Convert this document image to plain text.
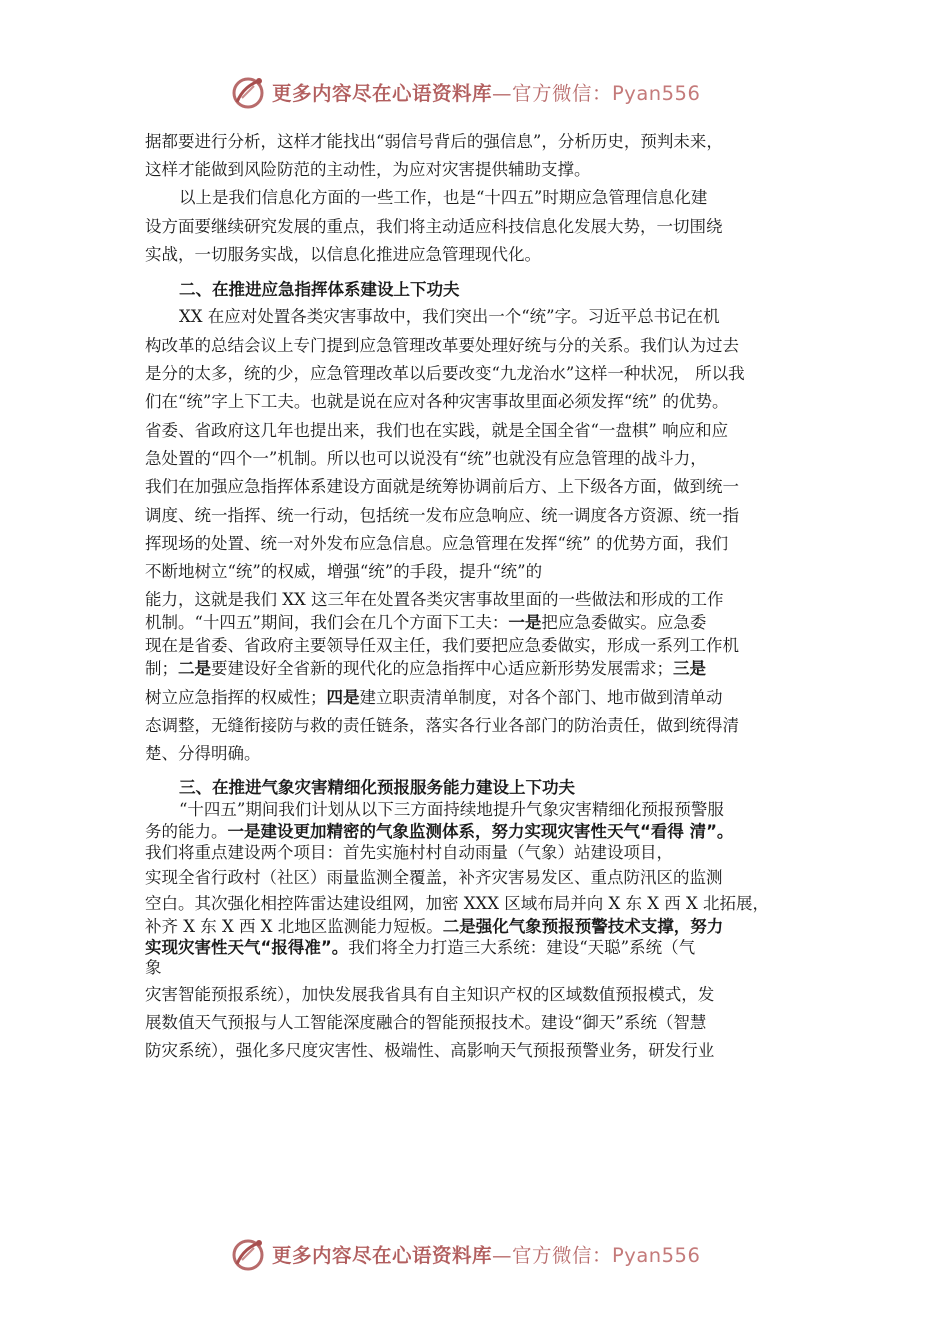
更多内容尽在心语资料库—官方微信：Pyan556
据都要进行分析，这样才能找出“弱信号背后的强信息”，分析历史，预判未来，
这样才能做到风险防范的主动性，为应对灾害提供辅助支撑。
以上是我们信息化方面的一些工作，也是“十四五”时期应急管理信息化建
设方面要继续研究发展的重点，我们将主动适应科技信息化发展大势，一切围绕
实战，一切服务实战，以信息化推进应急管理现代化。
二、在推进应急指挥体系建设上下功夫
XX 在应对处置各类灾害事故中，我们突出一个“统”字。习近平总书记在机
构改革的总结会议上专门提到应急管理改革要处理好统与分的关系。我们认为过去
是分的太多，统的少，应急管理改革以后要改变“九龙治水”这样一种状况， 所以我
们在“统”字上下工夫。也就是说在应对各种灾害事故里面必须发挥“统” 的优势。
省委、省政府这几年也提出来，我们也在实践，就是全国全省“一盘棋” 响应和应
急处置的“四个一”机制。所以也可以说没有“统”也就没有应急管理的战斗力，
我们在加强应急指挥体系建设方面就是统筹协调前后方、上下级各方面，做到统一
调度、统一指挥、统一行动，包括统一发布应急响应、统一调度各方资源、统一指
挥现场的处置、统一对外发布应急信息。应急管理在发挥“统” 的优势方面，我们
不断地树立“统”的权威，增强“统”的手段，提升“统”的
能力，这就是我们 XX 这三年在处置各类灾害事故里面的一些做法和形成的工作
机制。“十四五”期间，我们会在几个方面下工夫：一是把应急委做实。应急委
现在是省委、省政府主要领导任双主任，我们要把应急委做实，形成一系列工作机
制；二是要建设好全省新的现代化的应急指挥中心适应新形势发展需求；三是
树立应急指挥的权威性；四是建立职责清单制度，对各个部门、地市做到清单动
态调整，无缝衔接防与救的责任链条，落实各行业各部门的防治责任，做到统得清
楚、分得明确。
三、在推进气象灾害精细化预报服务能力建设上下功夫
“十四五”期间我们计划从以下三方面持续地提升气象灾害精细化预报预警服
务的能力。一是建设更加精密的气象监测体系，努力实现灾害性天气“看得 清”。
我们将重点建设两个项目：首先实施村村自动雨量（气象）站建设项目，
实现全省行政村（社区）雨量监测全覆盖，补齐灾害易发区、重点防汛区的监测
空白。其次强化相控阵雷达建设组网，加密 XXX 区域布局并向 X 东 X 西 X 北拓展，
补齐 X 东 X 西 X 北地区监测能力短板。二是强化气象预报预警技术支撑，努力
实现灾害性天气“报得准”。我们将全力打造三大系统：建设“天聪”系统（气
象
灾害智能预报系统），加快发展我省具有自主知识产权的区域数值预报模式，发
展数值天气预报与人工智能深度融合的智能预报技术。建设“御天”系统（智慧
防灾系统），强化多尺度灾害性、极端性、高影响天气预报预警业务，研发行业
更多内容尽在心语资料库—官方微信：Pyan556
